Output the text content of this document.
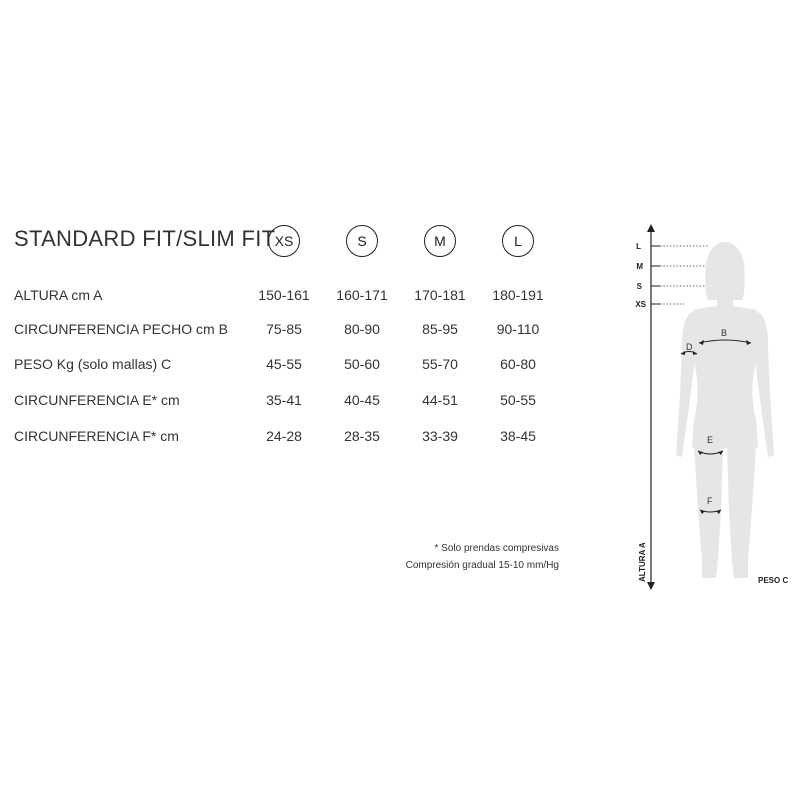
STANDARD FIT/SLIM FIT XS	S	M	L
ALTURA cm A	150-161	160-171	170-181	180-191
CIRCUNFERENCIA PECHO cm B	75-85	80-90	85-95	90-110
PESO Kg (solo mallas) C	45-55	50-60	55-70	60-80
CIRCUNFERENCIA E* cm	35-41	40-45	44-51	50-55
CIRCUNFERENCIA F* cm	24-28	28-35	33-39	38-45
* Solo prendas compresivas
Compresión gradual 15-10 mm/Hg
L
M
S
XS
ALTURA A	PESO C
B
D
E
F
